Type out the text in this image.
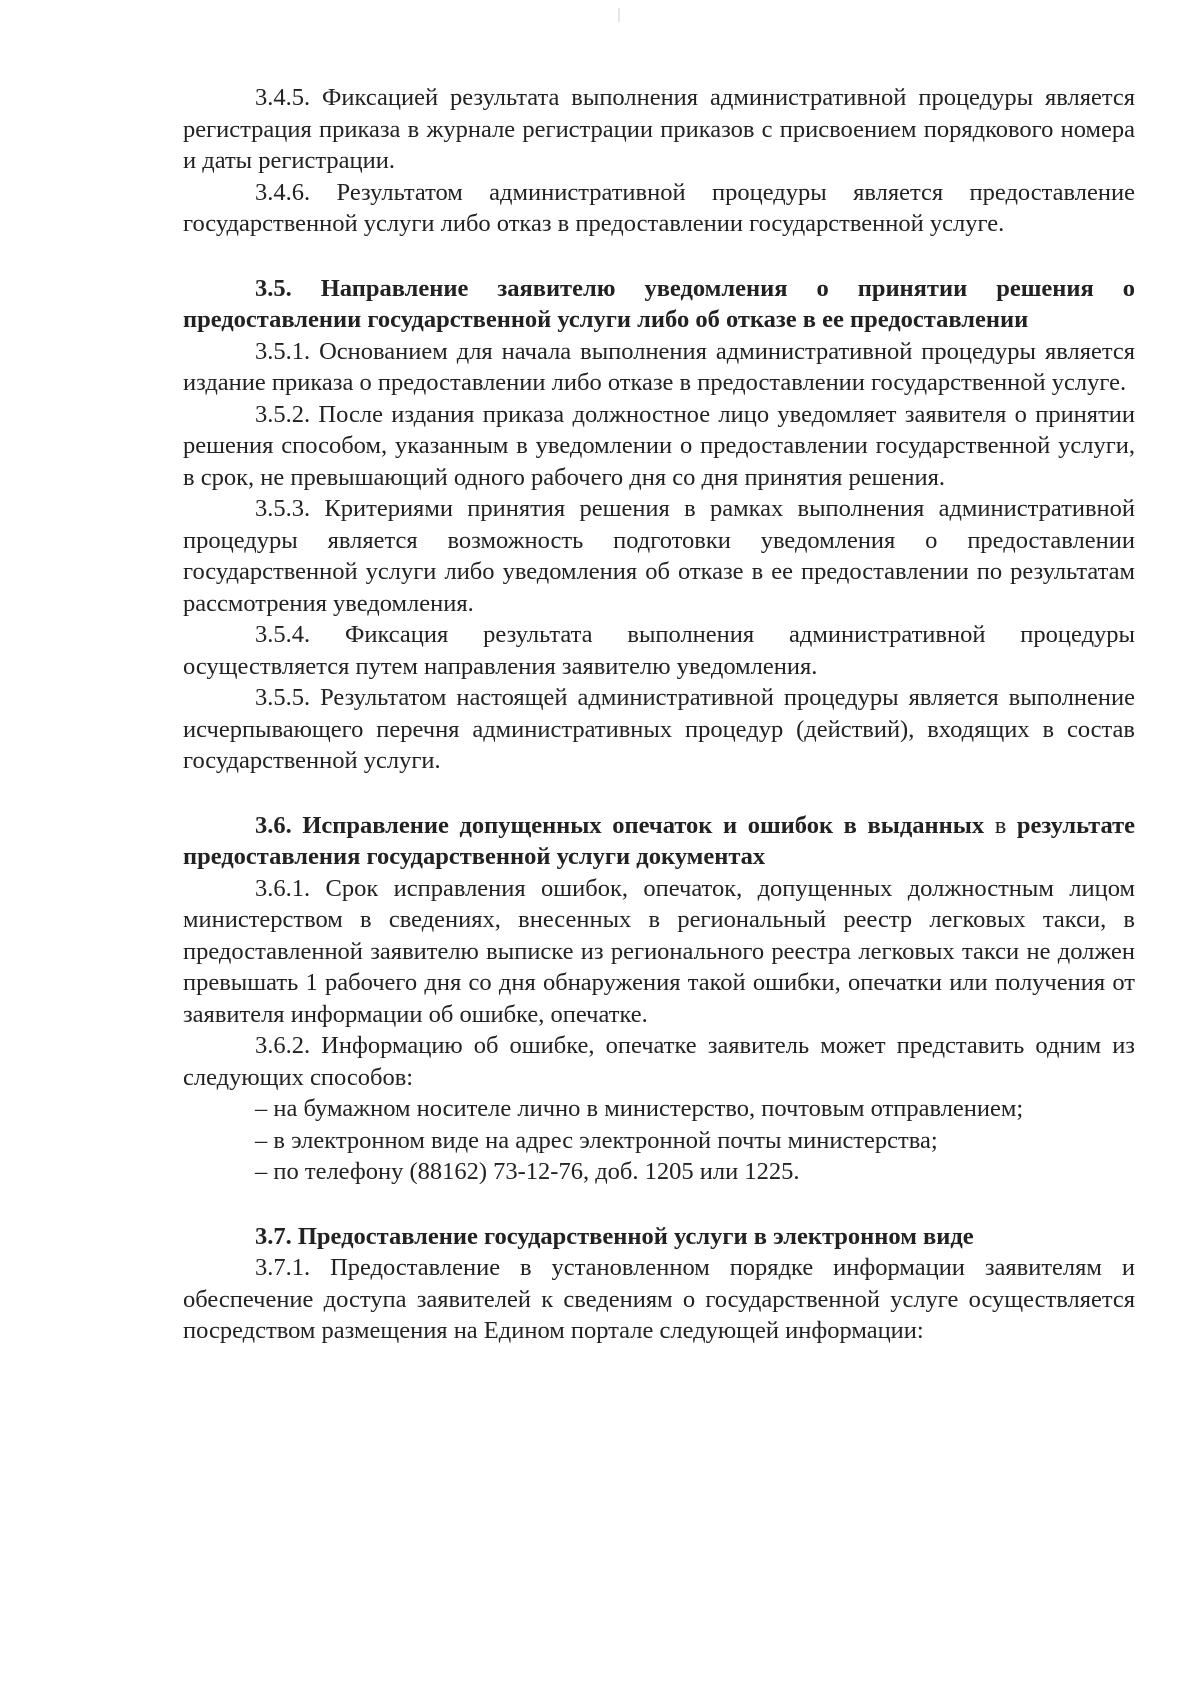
3.4.5. Фиксацией результата выполнения административной процедуры является регистрация приказа в журнале регистрации приказов с присвоением порядкового номера и даты регистрации.

3.4.6. Результатом административной процедуры является предоставление государственной услуги либо отказ в предоставлении государственной услуге.

3.5. Направление заявителю уведомления о принятии решения о предоставлении государственной услуги либо об отказе в ее предоставлении

3.5.1. Основанием для начала выполнения административной процедуры является издание приказа о предоставлении либо отказе в предоставлении государственной услуге.

3.5.2. После издания приказа должностное лицо уведомляет заявителя о принятии решения способом, указанным в уведомлении о предоставлении государственной услуги, в срок, не превышающий одного рабочего дня со дня принятия решения.

3.5.3. Критериями принятия решения в рамках выполнения административной процедуры является возможность подготовки уведомления о предоставлении государственной услуги либо уведомления об отказе в ее предоставлении по результатам рассмотрения уведомления.

3.5.4. Фиксация результата выполнения административной процедуры осуществляется путем направления заявителю уведомления.

3.5.5. Результатом настоящей административной процедуры является выполнение исчерпывающего перечня административных процедур (действий), входящих в состав государственной услуги.

3.6. Исправление допущенных опечаток и ошибок в выданных в результате предоставления государственной услуги документах

3.6.1. Срок исправления ошибок, опечаток, допущенных должностным лицом министерством в сведениях, внесенных в региональный реестр легковых такси, в предоставленной заявителю выписке из регионального реестра легковых такси не должен превышать 1 рабочего дня со дня обнаружения такой ошибки, опечатки или получения от заявителя информации об ошибке, опечатке.

3.6.2. Информацию об ошибке, опечатке заявитель может представить одним из следующих способов:

– на бумажном носителе лично в министерство, почтовым отправлением;

– в электронном виде на адрес электронной почты министерства;

– по телефону (88162) 73-12-76, доб. 1205 или 1225.

3.7. Предоставление государственной услуги в электронном виде

3.7.1. Предоставление в установленном порядке информации заявителям и обеспечение доступа заявителей к сведениям о государственной услуге осуществляется посредством размещения на Едином портале следующей информации:
